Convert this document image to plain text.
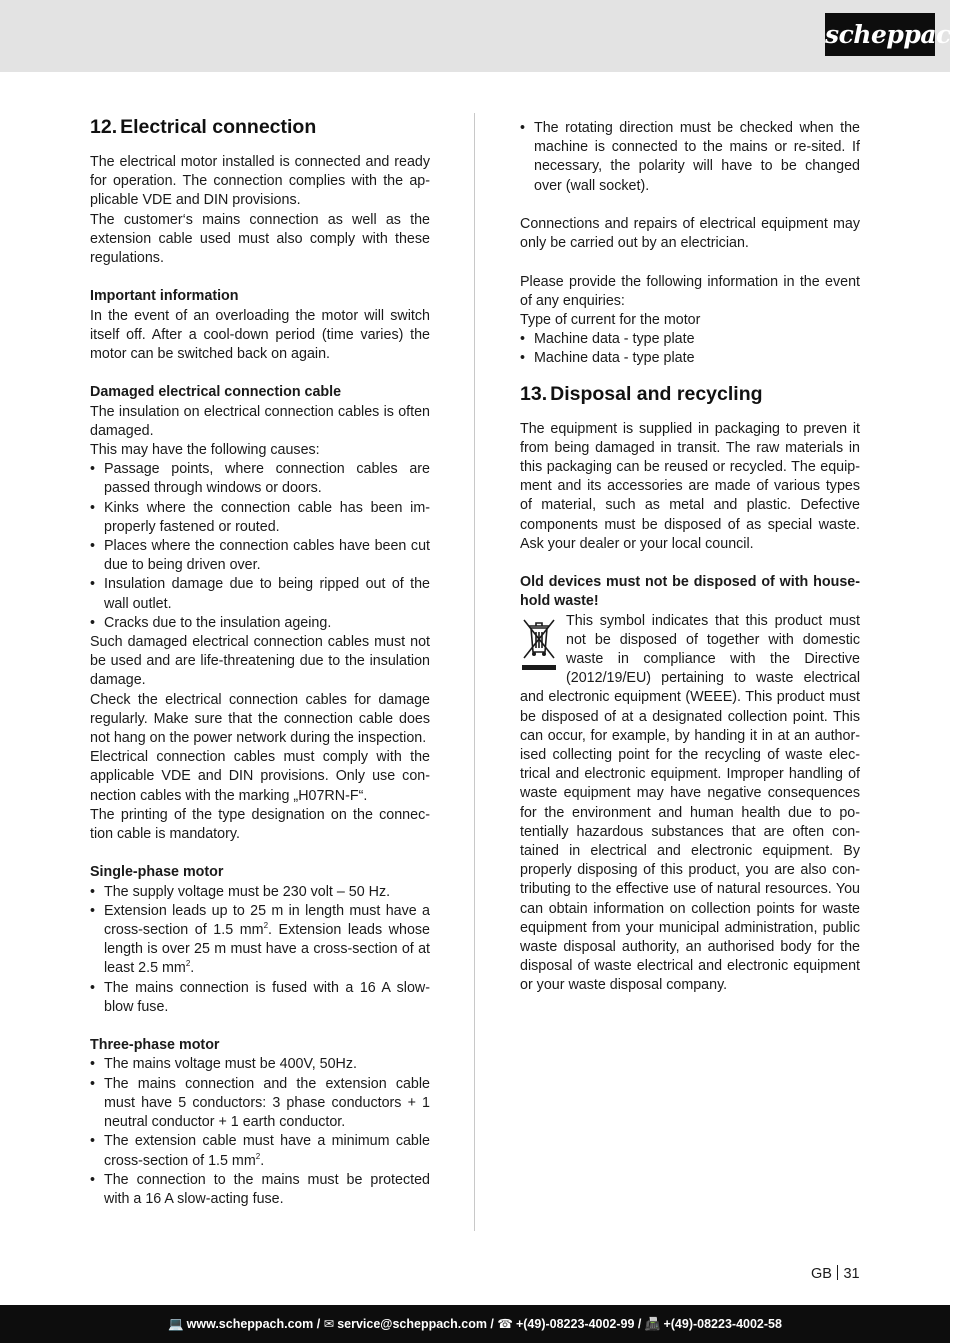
scheppach
12. Electrical connection

The electrical motor installed is connected and ready for operation. The connection complies with the applicable VDE and DIN provisions.

The customer‘s mains connection as well as the extension cable used must also comply with these regulations.

Important information

In the event of an overloading the motor will switch itself off. After a cool-down period (time varies) the motor can be switched back on again.

Damaged electrical connection cable

The insulation on electrical connection cables is often damaged.

This may have the following causes:

• Passage points, where connection cables are passed through windows or doors.
• Kinks where the connection cable has been improperly fastened or routed.
• Places where the connection cables have been cut due to being driven over.
• Insulation damage due to being ripped out of the wall outlet.
• Cracks due to the insulation ageing.

Such damaged electrical connection cables must not be used and are life-threatening due to the insulation damage.

Check the electrical connection cables for damage regularly. Make sure that the connection cable does not hang on the power network during the inspection.

Electrical connection cables must comply with the applicable VDE and DIN provisions. Only use connection cables with the marking „H07RN-F“.

The printing of the type designation on the connection cable is mandatory.

Single-phase motor

• The supply voltage must be 230 volt – 50 Hz.
• Extension leads up to 25 m in length must have a cross-section of 1.5 $mm^2$. Extension leads whose length is over 25 m must have a cross-section of at least 2.5 $mm^2$.
• The mains connection is fused with a 16 A slow-blow fuse.

Three-phase motor

• The mains voltage must be 400V, 50Hz.
• The mains connection and the extension cable must have 5 conductors: 3 phase conductors + 1 neutral conductor + 1 earth conductor.
• The extension cable must have a minimum cable cross-section of 1.5 $mm^2$.
• The connection to the mains must be protected with a 16 A slow-acting fuse.
• The rotating direction must be checked when the machine is connected to the mains or re-sited. If necessary, the polarity will have to be changed over (wall socket).

Connections and repairs of electrical equipment may only be carried out by an electrician.

Please provide the following information in the event of any enquiries:

Type of current for the motor

• Machine data - type plate
• Machine data - type plate
13. Disposal and recycling

The equipment is supplied in packaging to preven it from being damaged in transit. The raw materials in this packaging can be reused or recycled. The equipment and its accessories are made of various types of material, such as metal and plastic. Defective components must be disposed of as special waste. Ask your dealer or your local council.

Old devices must not be disposed of with household waste!

This symbol indicates that this product must not be disposed of together with domestic waste in compliance with the Directive (2012/19/EU) pertaining to waste electrical and electronic equipment (WEEE). This product must be disposed of at a designated collection point. This can occur, for example, by handing it in at an authorised collecting point for the recycling of waste electrical and electronic equipment. Improper handling of waste equipment may have negative consequences for the environment and human health due to potentially hazardous substances that are often contained in electrical and electronic equipment. By properly disposing of this product, you are also contributing to the effective use of natural resources. You can obtain information on collection points for waste equipment from your municipal administration, public waste disposal authority, an authorised body for the disposal of waste electrical and electronic equipment or your waste disposal company.

GB 31
💻 www.scheppach.com / ✉ service@scheppach.com / ☎ +(49)-08223-4002-99 / 📠 +(49)-08223-4002-58
